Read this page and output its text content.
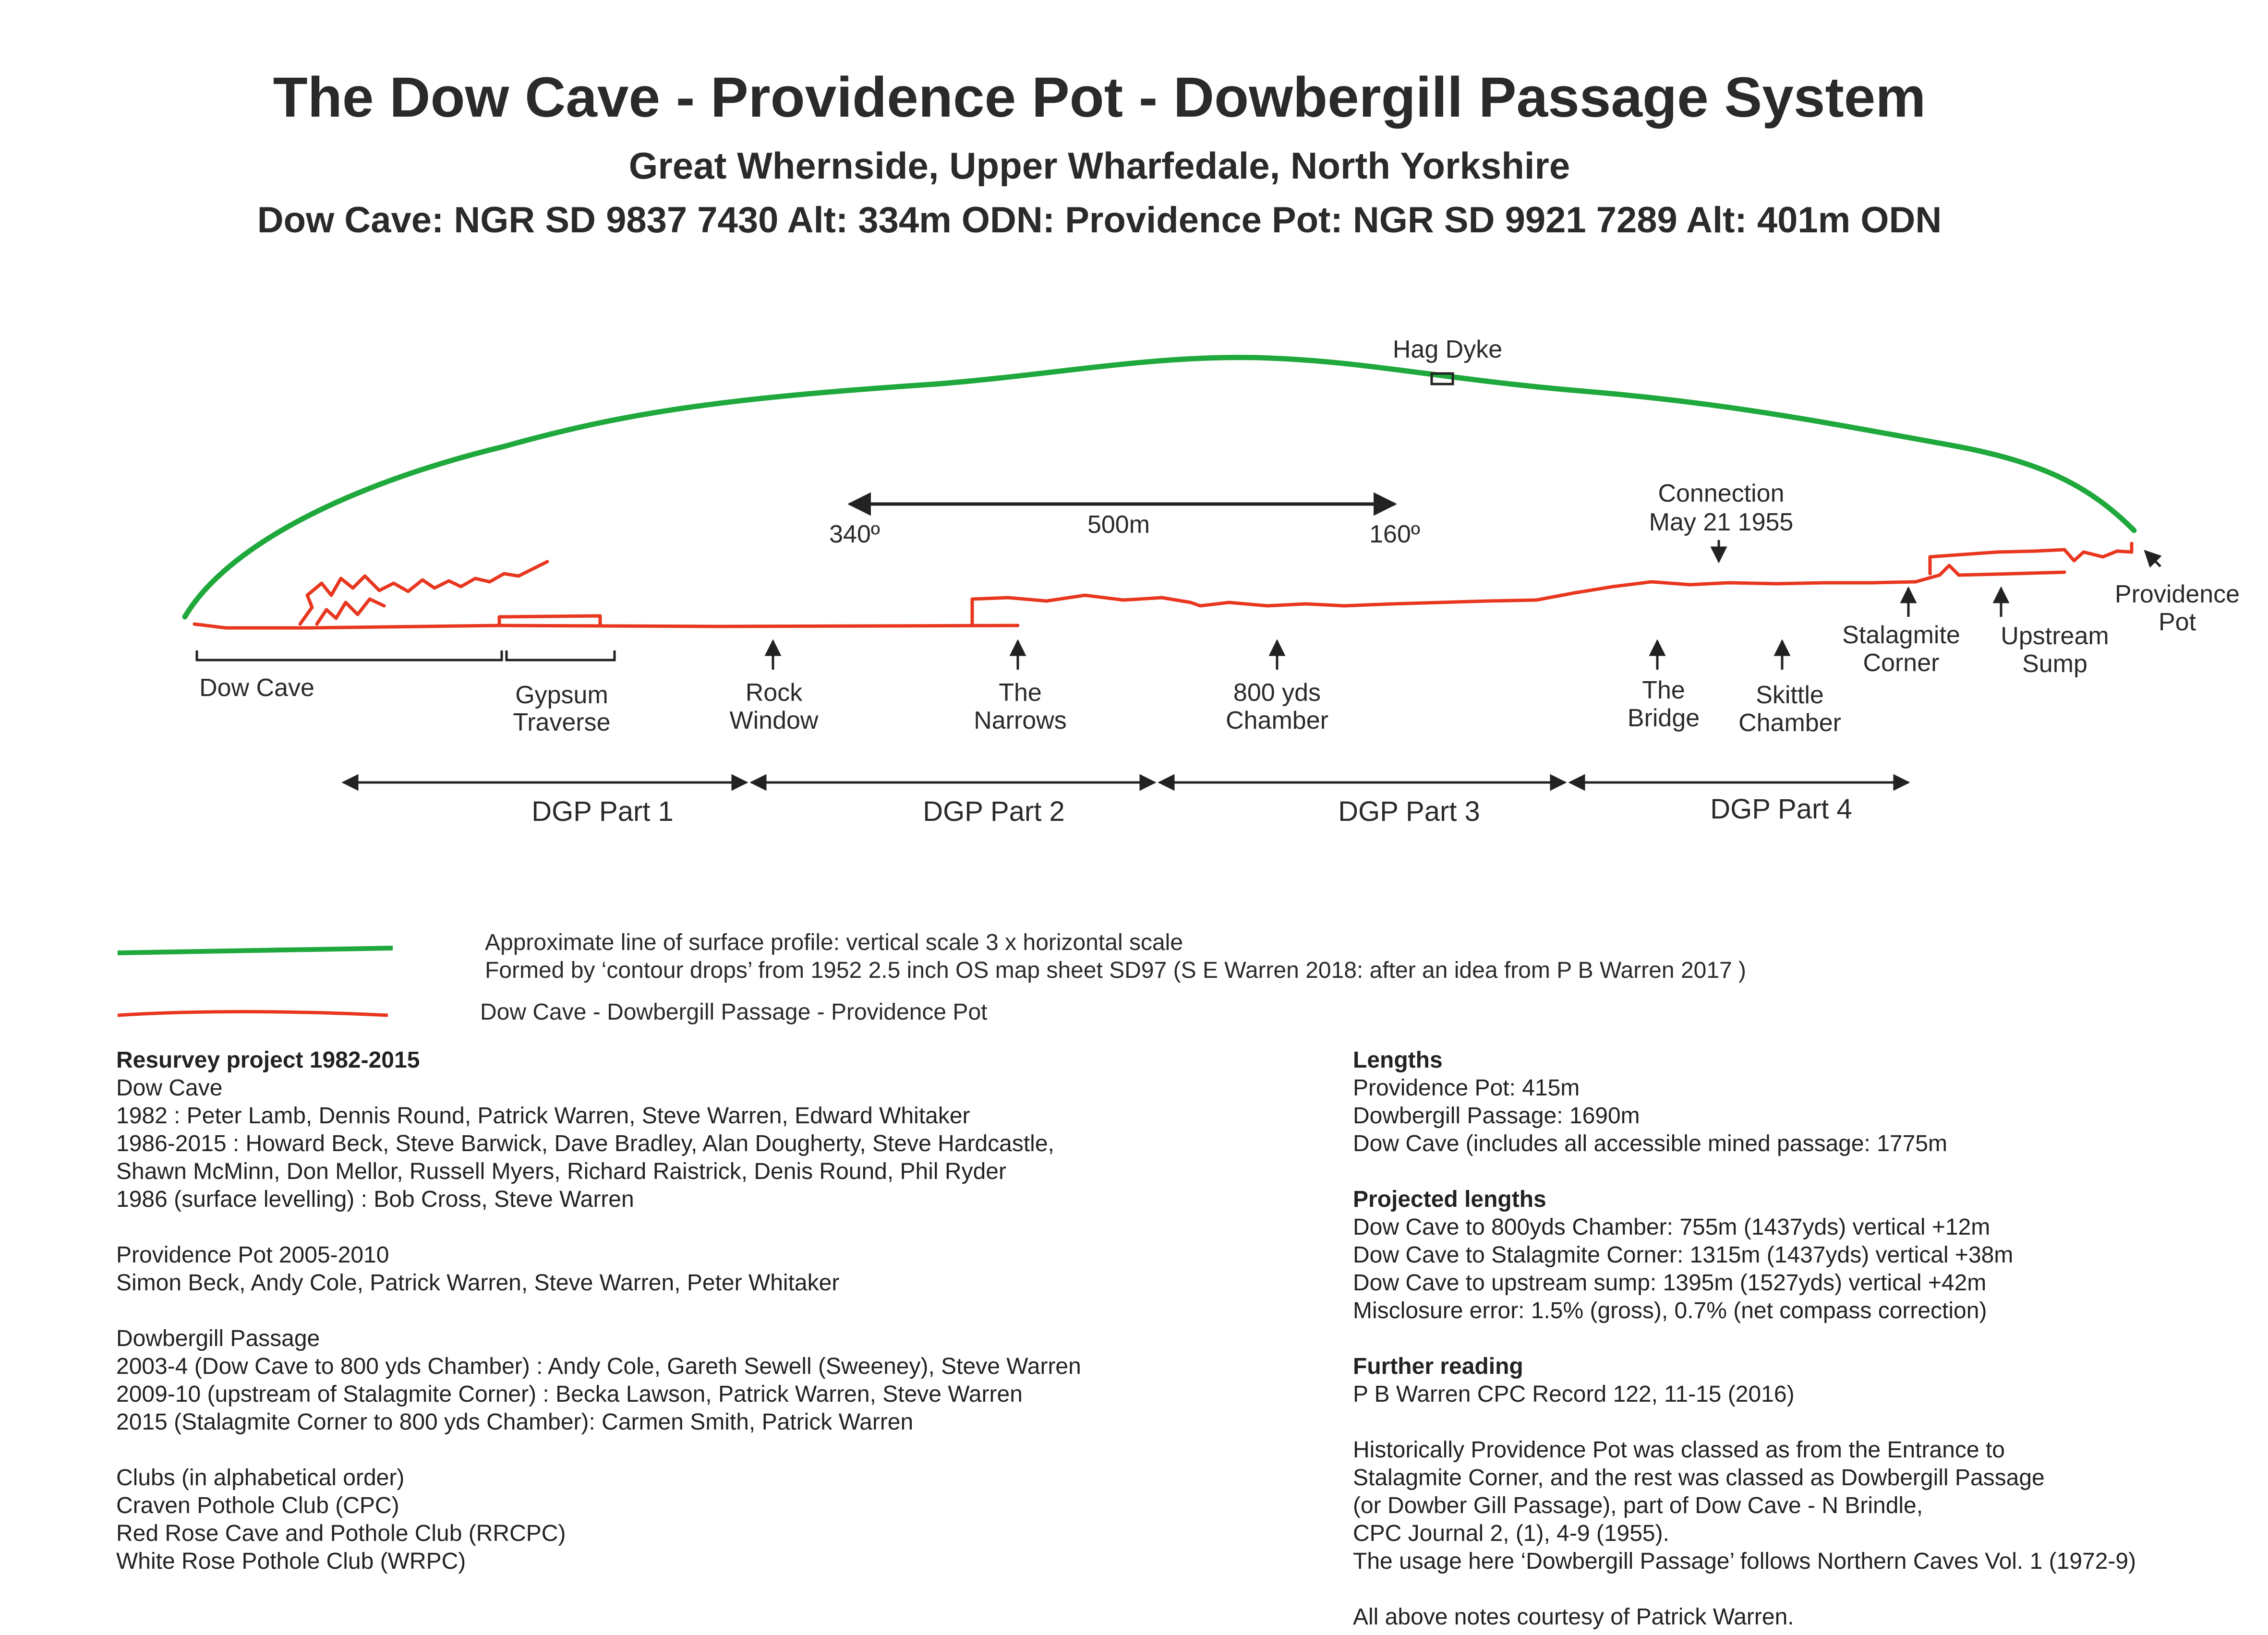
The Dow Cave - Providence Pot - Dowbergill Passage System
Great Whernside, Upper Wharfedale, North Yorkshire
Dow Cave: NGR SD 9837 7430 Alt: 334m ODN: Providence Pot: NGR SD 9921 7289 Alt: 401m ODN
Hag Dyke
500m
340º	160º
Connection
May 21 1955
Dow Cave	Gypsum
Traverse
Rock
Window
The
Narrows
800 yds
Chamber
The
Bridge
Skittle
Chamber
Stalagmite
Corner
Upstream
Sump
Providence
Pot
DGP Part 1	DGP Part 2	DGP Part 3	DGP Part 4
Approximate line of surface profile: vertical scale 3 x horizontal scale
Formed by ‘contour drops’ from 1952 2.5 inch OS map sheet SD97 (S E Warren 2018: after an idea from P B Warren 2017 )
Dow Cave - Dowbergill Passage - Providence Pot
Resurvey project 1982-2015
Dow Cave
1982 : Peter Lamb, Dennis Round, Patrick Warren, Steve Warren, Edward Whitaker
1986-2015 : Howard Beck, Steve Barwick, Dave Bradley, Alan Dougherty, Steve Hardcastle,
Shawn McMinn, Don Mellor, Russell Myers, Richard Raistrick, Denis Round, Phil Ryder
1986 (surface levelling) : Bob Cross, Steve Warren
Providence Pot 2005-2010
Simon Beck, Andy Cole, Patrick Warren, Steve Warren, Peter Whitaker
Dowbergill Passage
2003-4 (Dow Cave to 800 yds Chamber) : Andy Cole, Gareth Sewell (Sweeney), Steve Warren
2009-10 (upstream of Stalagmite Corner) : Becka Lawson, Patrick Warren, Steve Warren
2015 (Stalagmite Corner to 800 yds Chamber): Carmen Smith, Patrick Warren
Clubs (in alphabetical order)
Craven Pothole Club (CPC)
Red Rose Cave and Pothole Club (RRCPC)
White Rose Pothole Club (WRPC)
Lengths
Providence Pot: 415m
Dowbergill Passage: 1690m
Dow Cave (includes all accessible mined passage: 1775m
Projected lengths
Dow Cave to 800yds Chamber: 755m (1437yds) vertical +12m
Dow Cave to Stalagmite Corner: 1315m (1437yds) vertical +38m
Dow Cave to upstream sump: 1395m (1527yds) vertical +42m
Misclosure error: 1.5% (gross), 0.7% (net compass correction)
Further reading
P B Warren CPC Record 122, 11-15 (2016)
Historically Providence Pot was classed as from the Entrance to
Stalagmite Corner, and the rest was classed as Dowbergill Passage
(or Dowber Gill Passage), part of Dow Cave - N Brindle,
CPC Journal 2, (1), 4-9 (1955).
The usage here ‘Dowbergill Passage’ follows Northern Caves Vol. 1 (1972-9)
All above notes courtesy of Patrick Warren.
